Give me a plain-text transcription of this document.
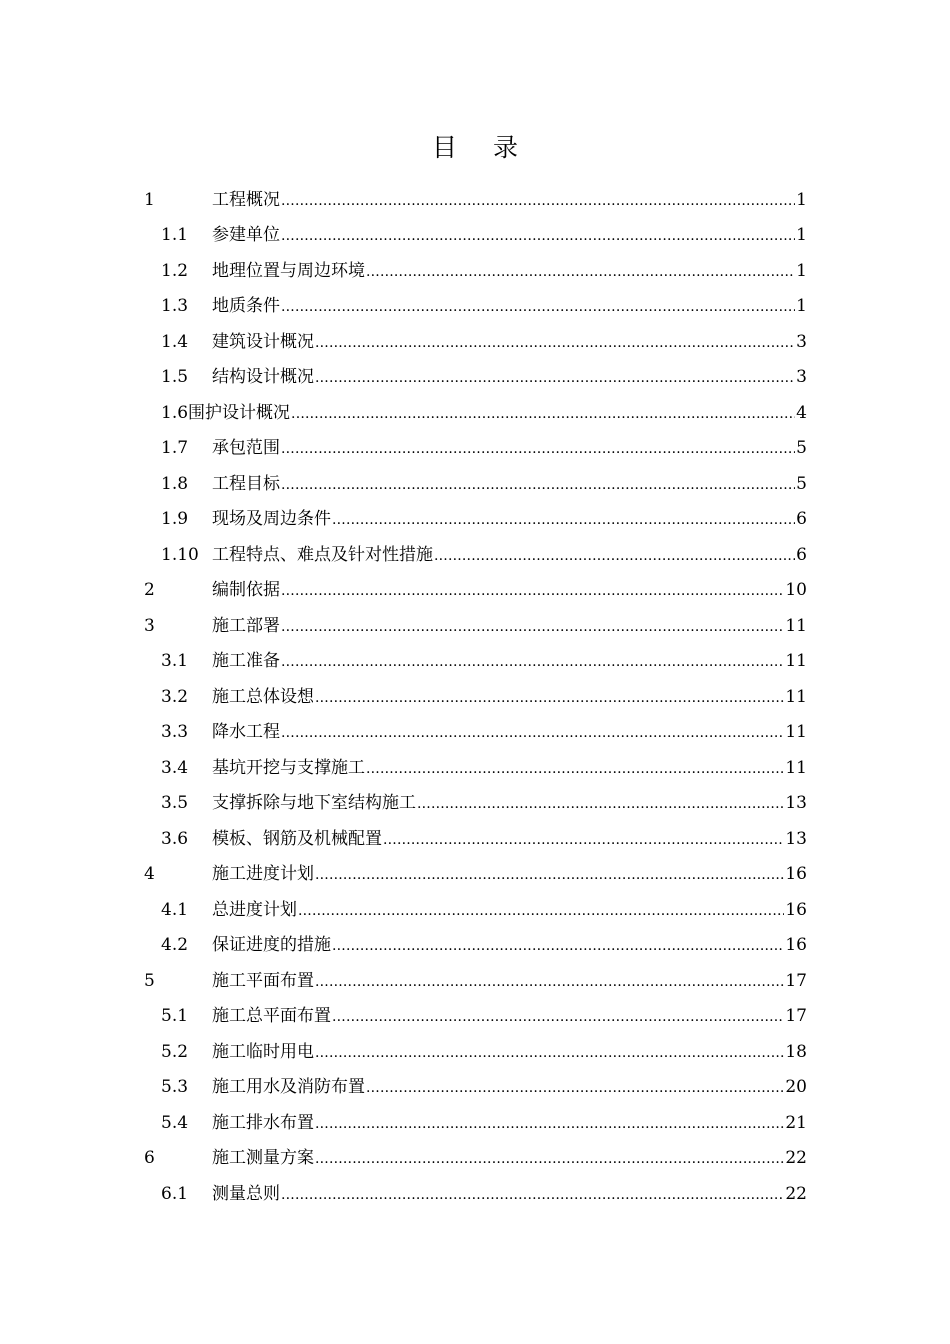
目 录
1	工程概况 .....	1
1.1	参建单位 .....	1
1.2	地理位置与周边环境 .....	1
1.3	地质条件 .....	1
1.4	建筑设计概况 .....	3
1.5	结构设计概况 .....	3
1.6 围护设计概况 .....	4
1.7	承包范围 .....	5
1.8	工程目标 .....	5
1.9	现场及周边条件 .....	6
1.10 工程特点、难点及针对性措施 .....	6
2	编制依据 .....	10
3	施工部署 .....	11
3.1	施工准备 .....	11
3.2	施工总体设想 .....	11
3.3	降水工程 .....	11
3.4	基坑开挖与支撑施工 .....	11
3.5	支撑拆除与地下室结构施工 .....	13
3.6	模板、钢筋及机械配置 .....	13
4	施工进度计划 .....	16
4.1	总进度计划 .....	16
4.2	保证进度的措施 .....	16
5	施工平面布置 .....	17
5.1	施工总平面布置 .....	17
5.2	施工临时用电 .....	18
5.3	施工用水及消防布置 .....	20
5.4	施工排水布置 .....	21
6	施工测量方案 .....	22
6.1	测量总则 .....	22
